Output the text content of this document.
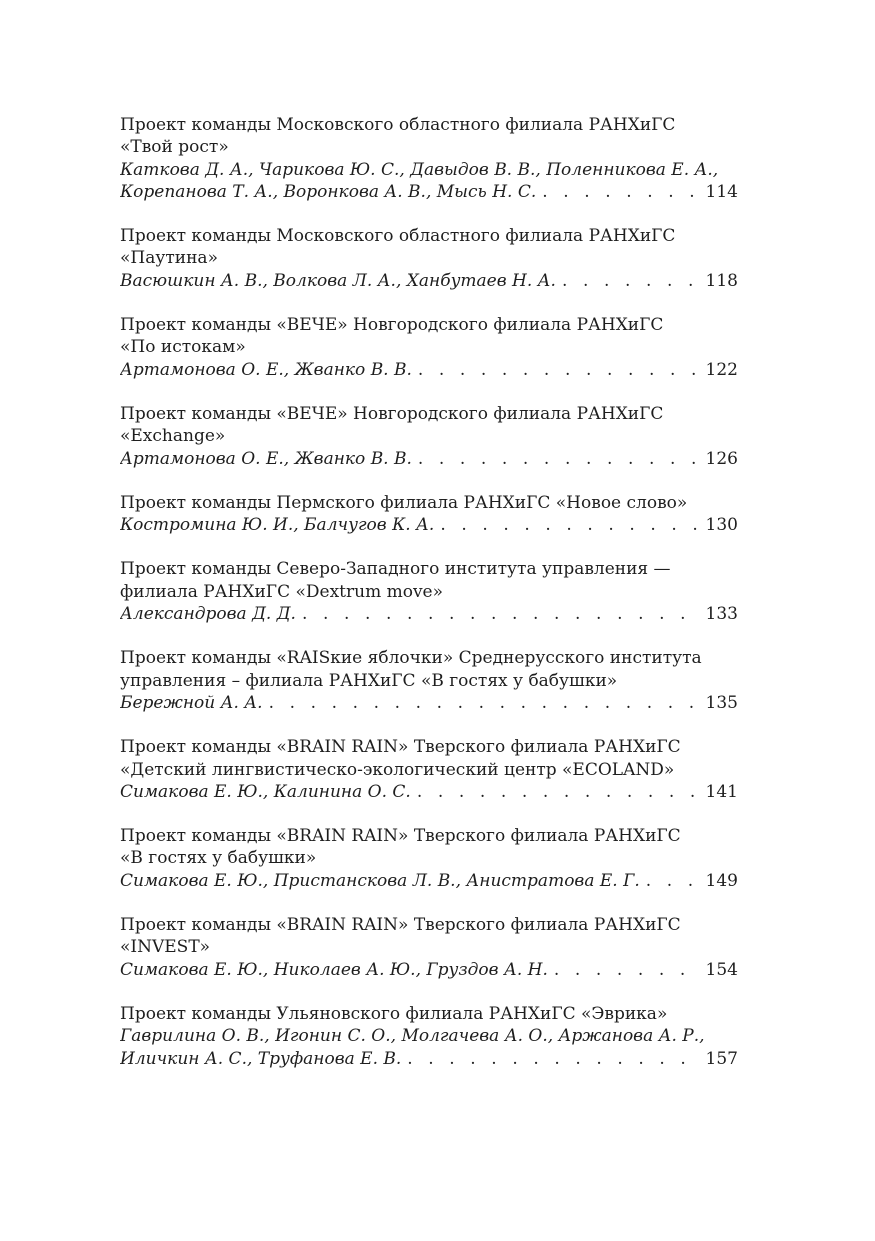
Проект команды Московского областного филиала РАНХиГС
«Твой рост»
Каткова Д. А., Чарикова Ю. С., Давыдов В. В., Поленникова Е. А.,
Корепанова Т. А., Воронкова А. В., Мысь Н. С. . . .	114
Проект команды Московского областного филиала РАНХиГС
«Паутина»
Васюшкин А. В., Волкова Л. А., Ханбутаев Н. А. . . .	118
Проект команды «ВЕЧЕ» Новгородского филиала РАНХиГС
«По истокам»
Артамонова О. Е., Жванко В. В. . . .	122
Проект команды «ВЕЧЕ» Новгородского филиала РАНХиГС
«Exchange»
Артамонова О. Е., Жванко В. В. . . .	126
Проект команды Пермского филиала РАНХиГС «Новое слово»
Костромина Ю. И., Балчугов К. А. . . .	130
Проект команды Северо-Западного института управления —
филиала РАНХиГС «Dextrum move»
Александрова Д. Д. . . .	133
Проект команды «RAISкие яблочки» Среднерусского института
управления – филиала РАНХиГС «В гостях у бабушки»
Бережной А. А. . . .	135
Проект команды «BRAIN RAIN» Тверского филиала РАНХиГС
«Детский лингвистическо-экологический центр «ECOLAND»
Симакова Е. Ю., Калинина О. С. . . .	141
Проект команды «BRAIN RAIN» Тверского филиала РАНХиГС
«В гостях у бабушки»
Симакова Е. Ю., Пристанскова Л. В., Анистратова Е. Г. . . .	149
Проект команды «BRAIN RAIN» Тверского филиала РАНХиГС
«INVEST»
Симакова Е. Ю., Николаев А. Ю., Груздов А. Н. . . .	154
Проект команды Ульяновского филиала РАНХиГС «Эврика»
Гаврилина О. В., Игонин С. О., Молгачева А. О., Аржанова А. Р.,
Иличкин А. С., Труфанова Е. В. . . .	157
